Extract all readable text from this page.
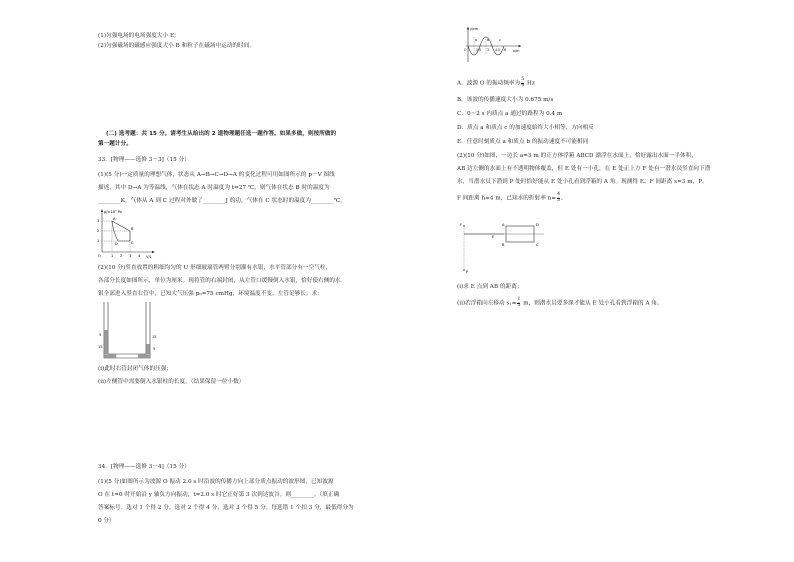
(1)匀强电场的电场强度大小 E;
(2)匀强磁场的磁感应强度大小 B 和粒子在磁场中运动的时间。
(二) 选考题：共 15 分。请考生从给出的 2 道物理题任选一题作答。如果多做，则按所做的
第一题计分。
33．[物理——选修 3－3]（15 分）
(1)(5 分)一定质量的理想气体，状态从 A→B→C→D→A 的变化过程可用如图所示的 p－V 图线
描述，其中 D→A 为等温线，气体在状态 A 时温度为 t=27 ℃，则气体在状态 B 时的温度为
________K，气体从 A 到 C 过程对外做了________J 的功，气体在 C 状态时的温度为________℃。
p/×10⁵ Pa
V/L
3
2
1
O	1 2 3 4
A
B
C
D
(2)(10 分)竖直放置的粗细均匀的 U 形细玻璃管两臂分别灌有水银，水平管部分有一空气柱，
各部分长度如图所示，单位为厘米。现将管的右端封闭，从左管口缓慢倒入水银，恰好使右侧的水
银全部进入竖直右管中，已知大气压强 p₀=75 cmHg，环境温度不变，左管足够长。求：
5
15
15
5
(i)此时右管封闭气体的压强；
(ii)左侧管中需要倒入水银柱的长度。（结果保留一位小数）
34．[物理——选修 3－4]（15 分）
(1)(5 分)如图所示为波源 O 振动 2.0 s 时沿波的传播方向上部分质点振动的波形图，已知波源
O 在 t=0 时开始沿 y 轴负方向振动，t=2.0 s 时它正好第 3 次到达波谷。则________。（填正确
答案标号。选对 1 个得 2 分，选对 2 个得 4 分，选对 3 个得 5 分。每选错 1 个扣 3 分，最低得分为
0 分）
y/cm
x/m
O	1.5 3 4.5 6
a	b	c
A．波源 O 的振动频率为 $\frac{5}{4}$ Hz
B．该波的传播速度大小为 0.675 m/s
C．0～2 s 内质点 a 通过的路程为 0.4 m
D．质点 a 和质点 c 的加速度始终大小相等，方向相反
E．任意时刻质点 a 和质点 b 的振动速度不可能相同
(2)(10 分)如图，一边长 a=3 m 的正方体浮箱 ABCD 漂浮在水面上，恰好露出水面一半体积，
AB 边左侧的水面上有不透明物体覆盖，但 E 处有一小孔，在 E 处正上方 F 处有一潜水员竖直向下潜
水，当潜水员下潜到 P 处时恰好能从 E 处小孔看到浮箱的 A 角。现测得 E、F 间距离 s=3 m，P、
F 间距离 h=4 m，已知水的折射率 $n= \frac{4}{3}$ 。
F
E
A
B	C
D
P
(i)求 E 点到 AB 的距离；
(ii)若浮箱向左移动 $s_1= \frac{1}{3}$ m，则潜水员要多深才能从 E 处小孔看到浮箱的 A 角。
